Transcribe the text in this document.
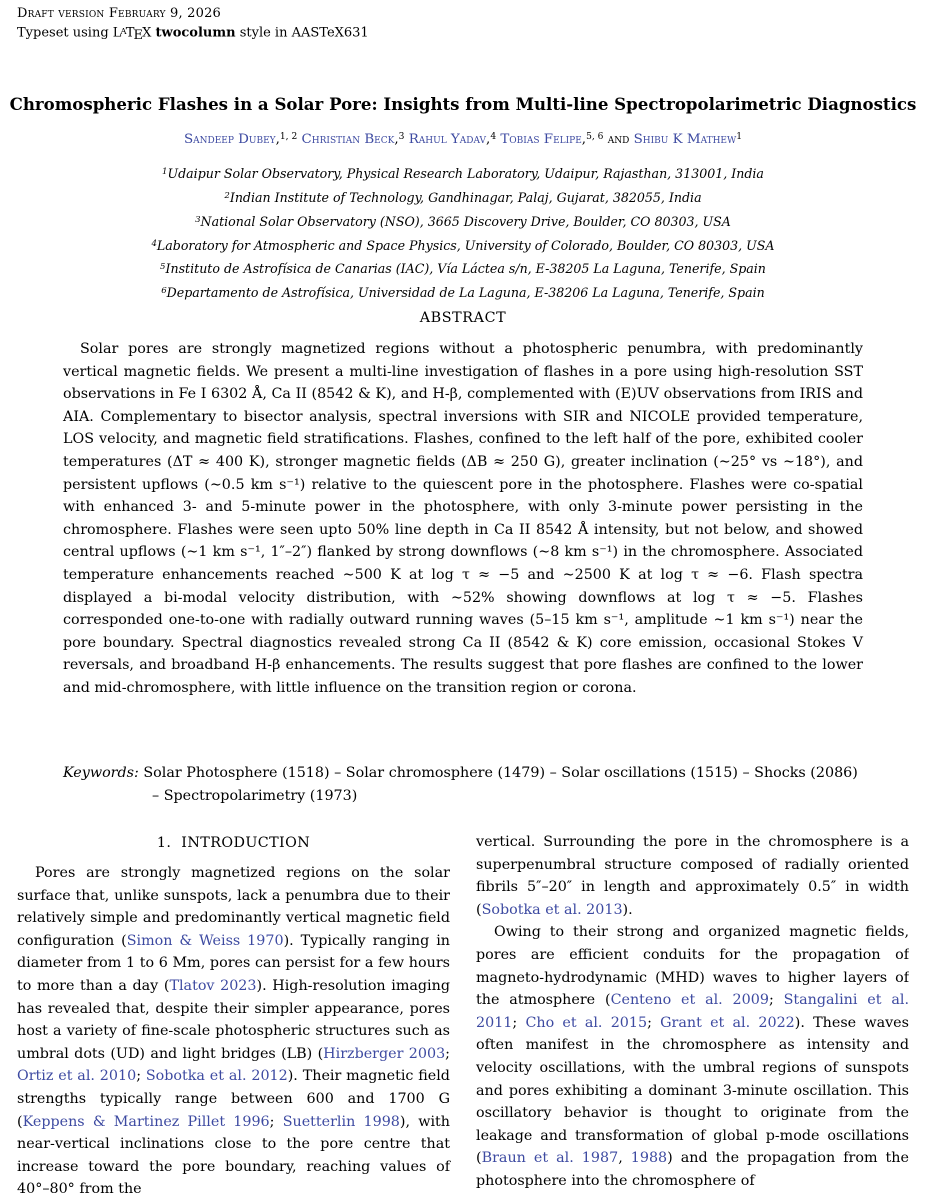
Draft version February 9, 2026
Typeset using LATEX twocolumn style in AASTeX631
Chromospheric Flashes in a Solar Pore: Insights from Multi-line Spectropolarimetric Diagnostics
Sandeep Dubey,$^{1, 2}$ Christian Beck,$^3$ Rahul Yadav,$^4$ Tobias Felipe,$^{5, 6}$ and Shibu K Mathew$^1$
$^1$Udaipur Solar Observatory, Physical Research Laboratory, Udaipur, Rajasthan, 313001, India
$^2$Indian Institute of Technology, Gandhinagar, Palaj, Gujarat, 382055, India
$^3$National Solar Observatory (NSO), 3665 Discovery Drive, Boulder, CO 80303, USA
$^4$Laboratory for Atmospheric and Space Physics, University of Colorado, Boulder, CO 80303, USA
$^5$Instituto de Astrofísica de Canarias (IAC), Vía Láctea s/n, E-38205 La Laguna, Tenerife, Spain
$^6$Departamento de Astrofísica, Universidad de La Laguna, E-38206 La Laguna, Tenerife, Spain
ABSTRACT
Solar pores are strongly magnetized regions without a photospheric penumbra, with predominantly vertical magnetic fields. We present a multi-line investigation of flashes in a pore using high-resolution SST observations in Fe I 6302 Å, Ca II (8542 & K), and H-β, complemented with (E)UV observations from IRIS and AIA. Complementary to bisector analysis, spectral inversions with SIR and NICOLE provided temperature, LOS velocity, and magnetic field stratifications. Flashes, confined to the left half of the pore, exhibited cooler temperatures (ΔT ≈ 400 K), stronger magnetic fields (ΔB ≈ 250 G), greater inclination (∼25° vs ∼18°), and persistent upflows (∼0.5 km s⁻¹) relative to the quiescent pore in the photosphere. Flashes were co-spatial with enhanced 3- and 5-minute power in the photosphere, with only 3-minute power persisting in the chromosphere. Flashes were seen upto 50% line depth in Ca II 8542 Å intensity, but not below, and showed central upflows (∼1 km s⁻¹, 1″–2″) flanked by strong downflows (∼8 km s⁻¹) in the chromosphere. Associated temperature enhancements reached ∼500 K at log τ ≈ −5 and ∼2500 K at log τ ≈ −6. Flash spectra displayed a bi-modal velocity distribution, with ∼52% showing downflows at log τ ≈ −5. Flashes corresponded one-to-one with radially outward running waves (5–15 km s⁻¹, amplitude ∼1 km s⁻¹) near the pore boundary. Spectral diagnostics revealed strong Ca II (8542 & K) core emission, occasional Stokes V reversals, and broadband H-β enhancements. The results suggest that pore flashes are confined to the lower and mid-chromosphere, with little influence on the transition region or corona.
Keywords: Solar Photosphere (1518) – Solar chromosphere (1479) – Solar oscillations (1515) – Shocks (2086) – Spectropolarimetry (1973)
1. INTRODUCTION

Pores are strongly magnetized regions on the solar surface that, unlike sunspots, lack a penumbra due to their relatively simple and predominantly vertical magnetic field configuration (Simon & Weiss 1970). Typically ranging in diameter from 1 to 6 Mm, pores can persist for a few hours to more than a day (Tlatov 2023). High-resolution imaging has revealed that, despite their simpler appearance, pores host a variety of fine-scale photospheric structures such as umbral dots (UD) and light bridges (LB) (Hirzberger 2003; Ortiz et al. 2010; Sobotka et al. 2012). Their magnetic field strengths typically range between 600 and 1700 G (Keppens & Martinez Pillet 1996; Suetterlin 1998), with near-vertical inclinations close to the pore centre that increase toward the pore boundary, reaching values of 40°–80° from the

vertical. Surrounding the pore in the chromosphere is a superpenumbral structure composed of radially oriented fibrils 5″–20″ in length and approximately 0.5″ in width (Sobotka et al. 2013).

Owing to their strong and organized magnetic fields, pores are efficient conduits for the propagation of magneto-hydrodynamic (MHD) waves to higher layers of the atmosphere (Centeno et al. 2009; Stangalini et al. 2011; Cho et al. 2015; Grant et al. 2022). These waves often manifest in the chromosphere as intensity and velocity oscillations, with the umbral regions of sunspots and pores exhibiting a dominant 3-minute oscillation. This oscillatory behavior is thought to originate from the leakage and transformation of global p-mode oscillations (Braun et al. 1987, 1988) and the propagation from the photosphere into the chromosphere of
